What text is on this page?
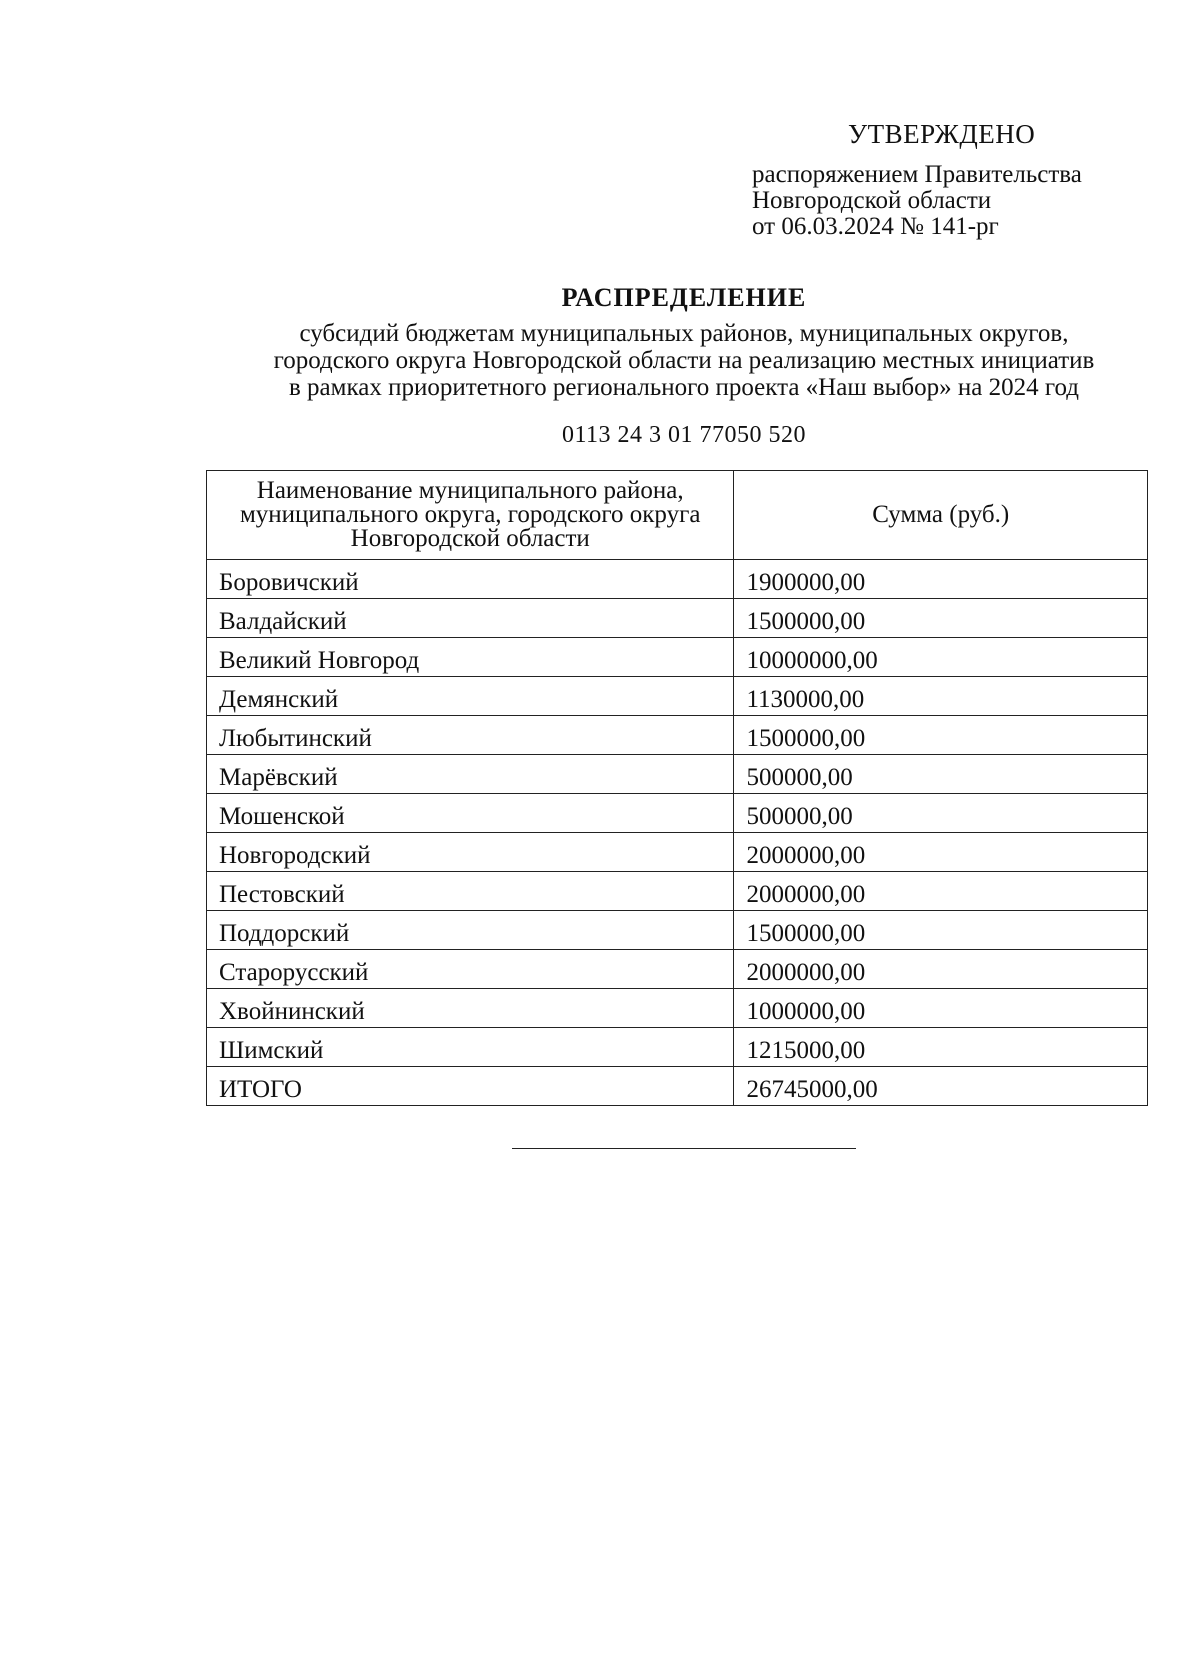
УТВЕРЖДЕНО
распоряжением Правительства
Новгородской области
от 06.03.2024 № 141-рг
РАСПРЕДЕЛЕНИЕ
субсидий бюджетам муниципальных районов, муниципальных округов,
городского округа Новгородской области на реализацию местных инициатив
в рамках приоритетного регионального проекта «Наш выбор» на 2024 год
0113 24 3 01 77050 520
Наименование муниципального района, муниципального округа, городского округа Новгородской области	Сумма (руб.)
Боровичский	1900000,00
Валдайский	1500000,00
Великий Новгород	10000000,00
Демянский	1130000,00
Любытинский	1500000,00
Марёвский	500000,00
Мошенской	500000,00
Новгородский	2000000,00
Пестовский	2000000,00
Поддорский	1500000,00
Старорусский	2000000,00
Хвойнинский	1000000,00
Шимский	1215000,00
ИТОГО	26745000,00
